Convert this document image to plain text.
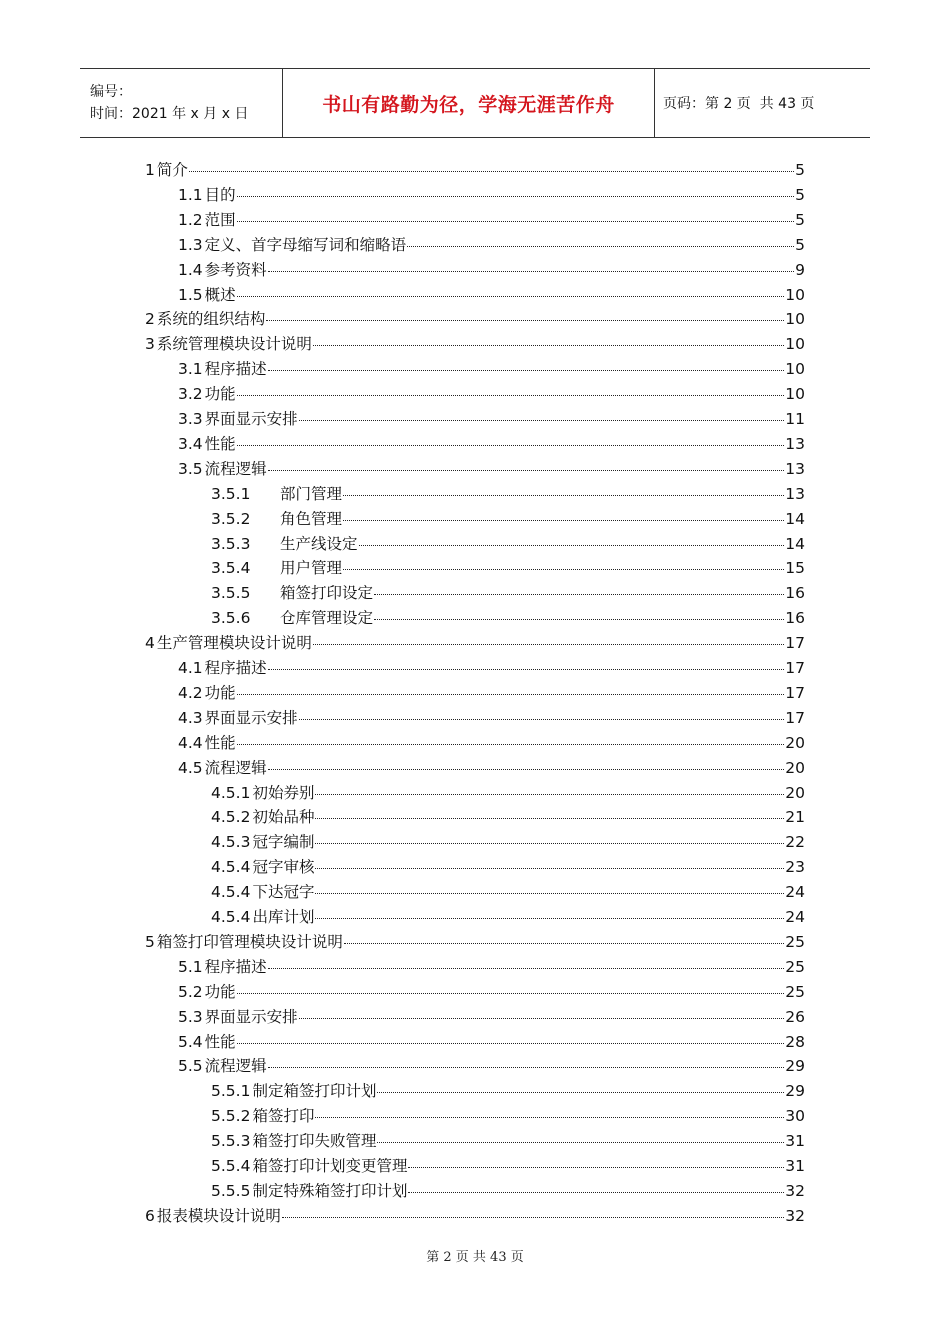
编号：
时间：2021 年 x 月 x 日	书山有路勤为径，学海无涯苦作舟	页码：第 2 页  共 43 页
1 简介	5
1.1 目的	5
1.2 范围	5
1.3 定义、首字母缩写词和缩略语	5
1.4 参考资料	9
1.5 概述	10
2 系统的组织结构	10
3 系统管理模块设计说明	10
3.1 程序描述	10
3.2 功能	10
3.3 界面显示安排	11
3.4 性能	13
3.5 流程逻辑	13
3.5.1	部门管理	13
3.5.2	角色管理	14
3.5.3	生产线设定	14
3.5.4	用户管理	15
3.5.5	箱签打印设定	16
3.5.6	仓库管理设定	16
4 生产管理模块设计说明	17
4.1 程序描述	17
4.2 功能	17
4.3 界面显示安排	17
4.4 性能	20
4.5 流程逻辑	20
4.5.1 初始券别	20
4.5.2 初始品种	21
4.5.3 冠字编制	22
4.5.4 冠字审核	23
4.5.4 下达冠字	24
4.5.4 出库计划	24
5 箱签打印管理模块设计说明	25
5.1 程序描述	25
5.2 功能	25
5.3 界面显示安排	26
5.4 性能	28
5.5 流程逻辑	29
5.5.1 制定箱签打印计划	29
5.5.2 箱签打印	30
5.5.3 箱签打印失败管理	31
5.5.4 箱签打印计划变更管理	31
5.5.5 制定特殊箱签打印计划	32
6 报表模块设计说明	32
第 2 页 共 43 页
